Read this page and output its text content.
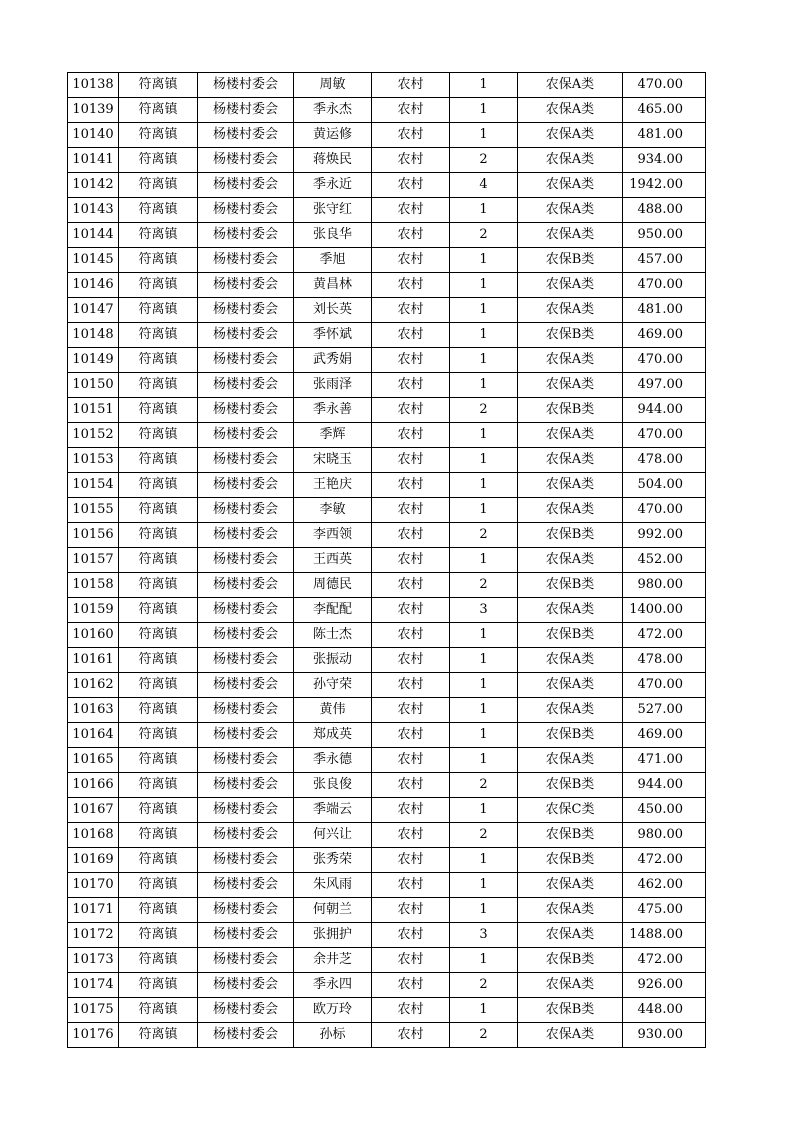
10138	符离镇	杨楼村委会	周敏	农村	1	农保A类	470.00
10139	符离镇	杨楼村委会	季永杰	农村	1	农保A类	465.00
10140	符离镇	杨楼村委会	黄运修	农村	1	农保A类	481.00
10141	符离镇	杨楼村委会	蒋焕民	农村	2	农保A类	934.00
10142	符离镇	杨楼村委会	季永近	农村	4	农保A类	1942.00
10143	符离镇	杨楼村委会	张守红	农村	1	农保A类	488.00
10144	符离镇	杨楼村委会	张良华	农村	2	农保A类	950.00
10145	符离镇	杨楼村委会	季旭	农村	1	农保B类	457.00
10146	符离镇	杨楼村委会	黄昌林	农村	1	农保A类	470.00
10147	符离镇	杨楼村委会	刘长英	农村	1	农保A类	481.00
10148	符离镇	杨楼村委会	季怀斌	农村	1	农保B类	469.00
10149	符离镇	杨楼村委会	武秀娟	农村	1	农保A类	470.00
10150	符离镇	杨楼村委会	张雨泽	农村	1	农保A类	497.00
10151	符离镇	杨楼村委会	季永善	农村	2	农保B类	944.00
10152	符离镇	杨楼村委会	季辉	农村	1	农保A类	470.00
10153	符离镇	杨楼村委会	宋晓玉	农村	1	农保A类	478.00
10154	符离镇	杨楼村委会	王艳庆	农村	1	农保A类	504.00
10155	符离镇	杨楼村委会	李敏	农村	1	农保A类	470.00
10156	符离镇	杨楼村委会	李西领	农村	2	农保B类	992.00
10157	符离镇	杨楼村委会	王西英	农村	1	农保A类	452.00
10158	符离镇	杨楼村委会	周德民	农村	2	农保B类	980.00
10159	符离镇	杨楼村委会	李配配	农村	3	农保A类	1400.00
10160	符离镇	杨楼村委会	陈士杰	农村	1	农保B类	472.00
10161	符离镇	杨楼村委会	张振动	农村	1	农保A类	478.00
10162	符离镇	杨楼村委会	孙守荣	农村	1	农保A类	470.00
10163	符离镇	杨楼村委会	黄伟	农村	1	农保A类	527.00
10164	符离镇	杨楼村委会	郑成英	农村	1	农保B类	469.00
10165	符离镇	杨楼村委会	季永德	农村	1	农保A类	471.00
10166	符离镇	杨楼村委会	张良俊	农村	2	农保B类	944.00
10167	符离镇	杨楼村委会	季端云	农村	1	农保C类	450.00
10168	符离镇	杨楼村委会	何兴让	农村	2	农保B类	980.00
10169	符离镇	杨楼村委会	张秀荣	农村	1	农保B类	472.00
10170	符离镇	杨楼村委会	朱风雨	农村	1	农保A类	462.00
10171	符离镇	杨楼村委会	何朝兰	农村	1	农保A类	475.00
10172	符离镇	杨楼村委会	张拥护	农村	3	农保A类	1488.00
10173	符离镇	杨楼村委会	余井芝	农村	1	农保B类	472.00
10174	符离镇	杨楼村委会	季永四	农村	2	农保A类	926.00
10175	符离镇	杨楼村委会	欧万玲	农村	1	农保B类	448.00
10176	符离镇	杨楼村委会	孙标	农村	2	农保A类	930.00
